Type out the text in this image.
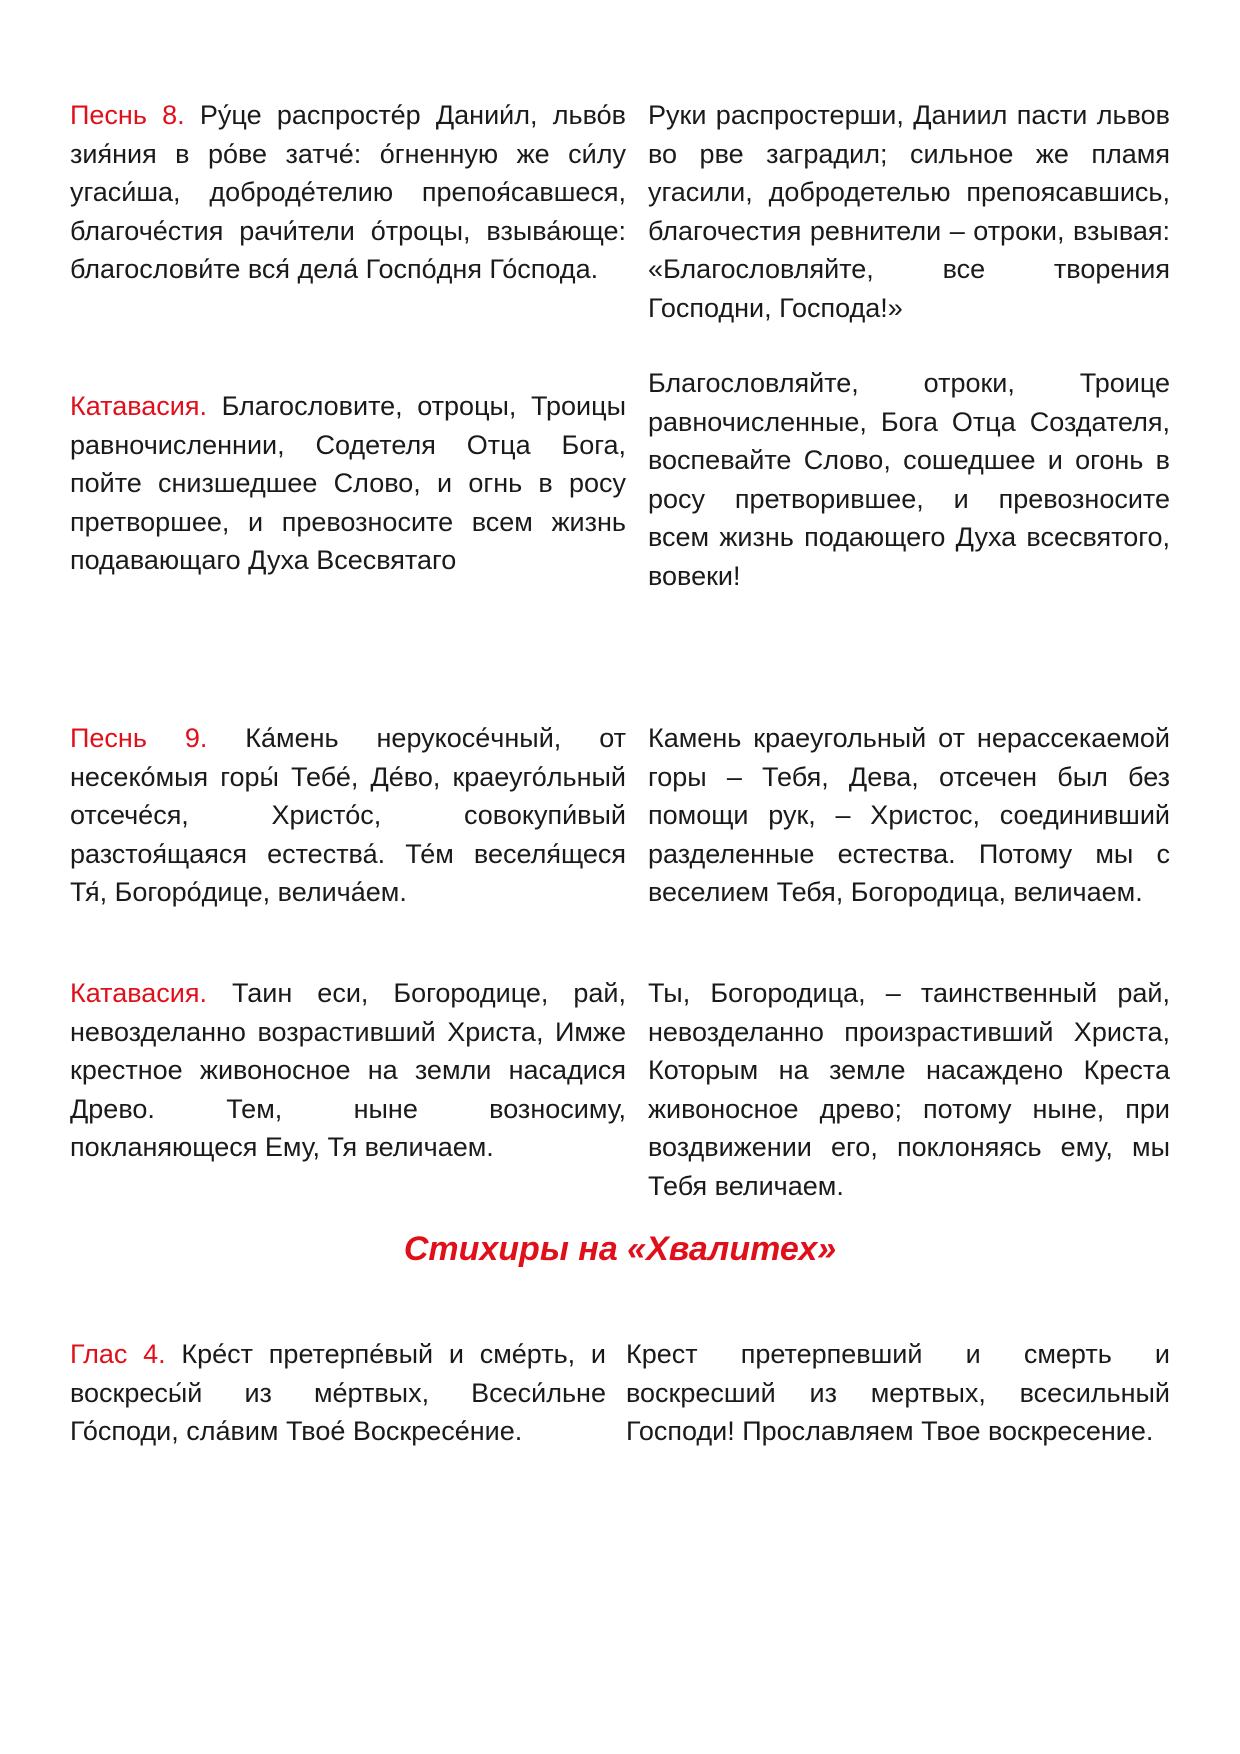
Песнь 8. Ру́це распросте́р Дании́л, льво́в зия́ния в ро́ве затче́: о́гненную же си́лу угаси́ша, доброде́телию препоя́савшеся, благоче́стия рачи́тели о́троцы, взыва́юще: благослови́те вся́ дела́ Госпо́дня Го́спода.
Руки распростерши, Даниил пасти львов во рве заградил; сильное же пламя угасили, добродетелью препоясавшись, благочестия ревнители – отроки, взывая: «Благословляйте, все творения Господни, Господа!»
Катавасия. Благословите, отроцы, Троицы равночисленнии, Содетеля Отца Бога, пойте снизшедшее Слово, и огнь в росу претворшее, и превозносите всем жизнь подавающаго Духа Всесвятаго
Благословляйте, отроки, Троице равночисленные, Бога Отца Создателя, воспевайте Слово, сошедшее и огонь в росу претворившее, и превозносите всем жизнь подающего Духа всесвятого, вовеки!
Песнь 9. Ка́мень нерукосе́чный, от несеко́мыя горы́ Тебе́, Де́во, краеуго́льный отсече́ся, Христо́с, совокупи́вый разстоя́щаяся естества́. Те́м веселя́щеся Тя́, Богоро́дице, велича́ем.
Камень краеугольный от нерассекаемой горы – Тебя, Дева, отсечен был без помощи рук, – Христос, соединивший разделенные естества. Потому мы с веселием Тебя, Богородица, величаем.
Катавасия. Таин еси, Богородице, рай, невозделанно возрастивший Христа, Имже крестное живоносное на земли насадися Древо. Тем, ныне возносиму, покланяющеся Ему, Тя величаем.
Ты, Богородица, – таинственный рай, невозделанно произрастивший Христа, Которым на земле насаждено Креста живоносное древо; потому ныне, при воздвижении его, поклоняясь ему, мы Тебя величаем.
Стихиры на «Хвалитех»
Глас 4. Кре́ст претерпе́вый и сме́рть, и воскресы́й из ме́ртвых, Всеси́льне Го́споди, сла́вим Твое́ Воскресе́ние.
Крест претерпевший и смерть и воскресший из мертвых, всесильный Господи! Прославляем Твое воскресение.
